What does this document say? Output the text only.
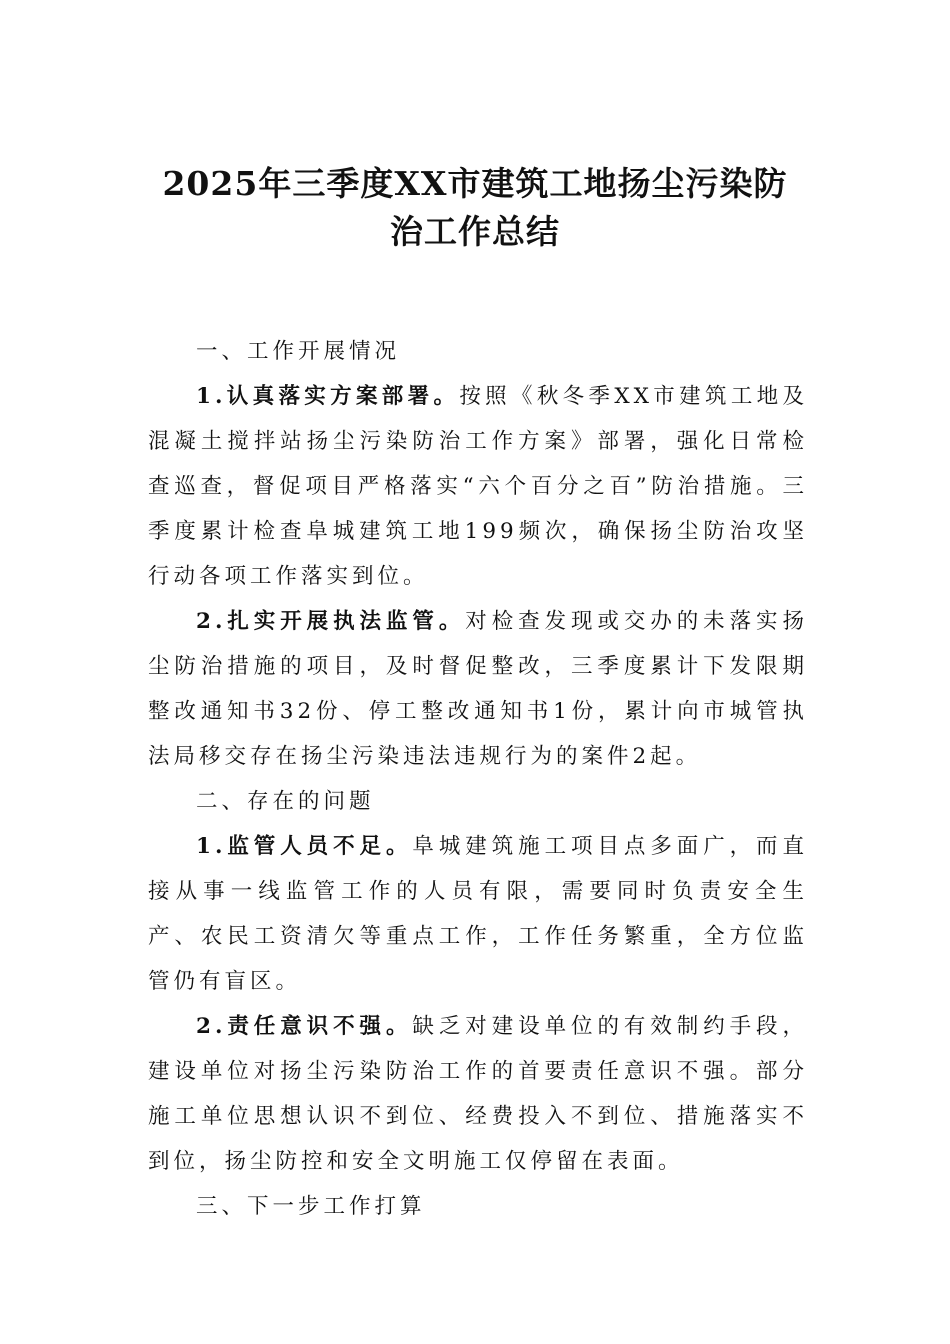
2025年三季度XX市建筑工地扬尘污染防
治工作总结

一、工作开展情况

1.认真落实方案部署。按照《秋冬季XX市建筑工地及混凝土搅拌站扬尘污染防治工作方案》部署，强化日常检查巡查，督促项目严格落实“六个百分之百”防治措施。三季度累计检查阜城建筑工地199频次，确保扬尘防治攻坚行动各项工作落实到位。

2.扎实开展执法监管。对检查发现或交办的未落实扬尘防治措施的项目，及时督促整改，三季度累计下发限期整改通知书32份、停工整改通知书1份，累计向市城管执法局移交存在扬尘污染违法违规行为的案件2起。

二、存在的问题

1.监管人员不足。阜城建筑施工项目点多面广，而直接从事一线监管工作的人员有限，需要同时负责安全生产、农民工资清欠等重点工作，工作任务繁重，全方位监管仍有盲区。

2.责任意识不强。缺乏对建设单位的有效制约手段，建设单位对扬尘污染防治工作的首要责任意识不强。部分施工单位思想认识不到位、经费投入不到位、措施落实不到位，扬尘防控和安全文明施工仅停留在表面。

三、下一步工作打算
